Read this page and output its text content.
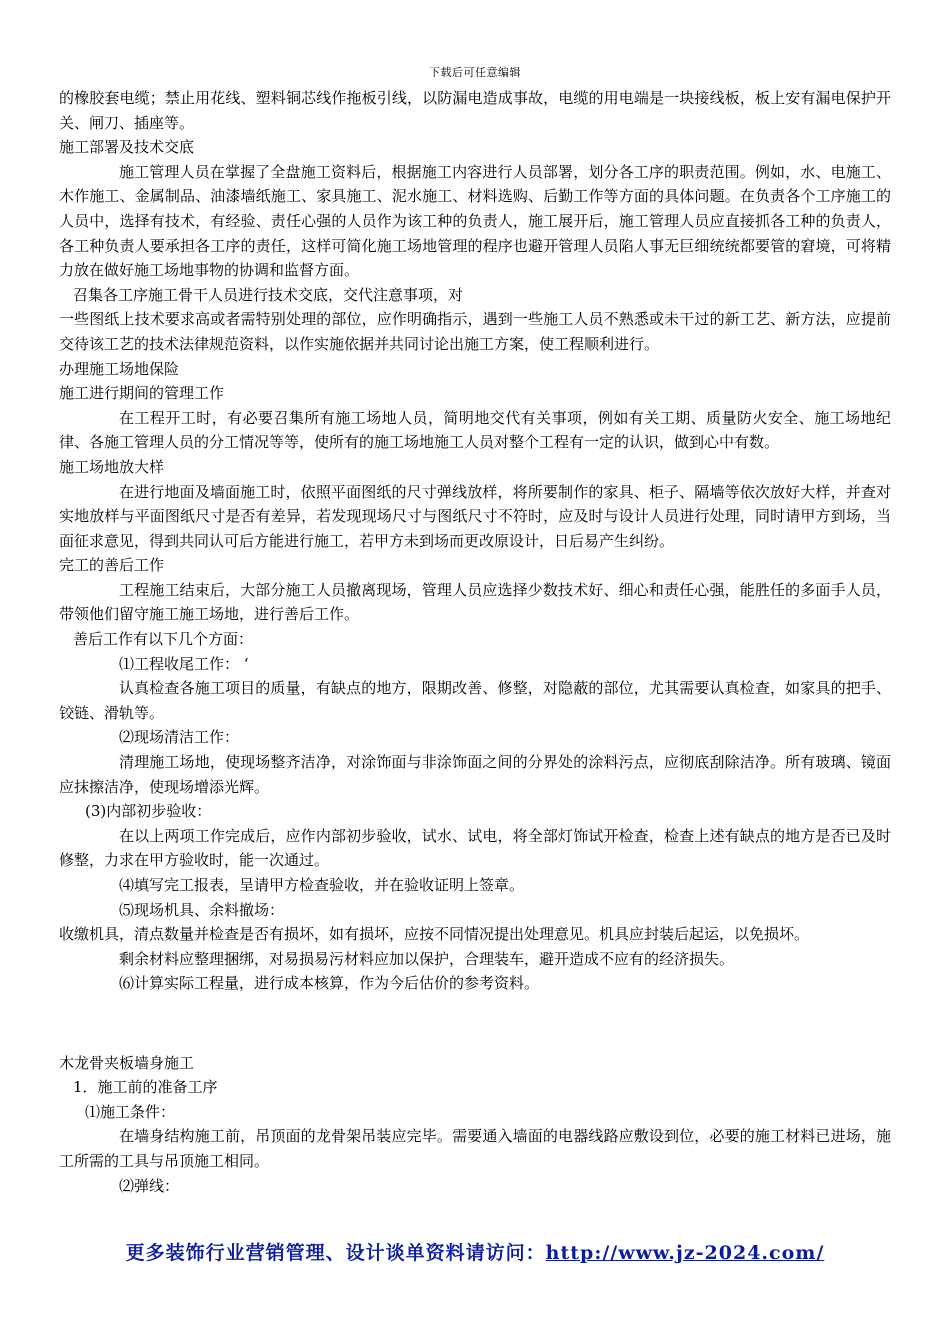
下载后可任意编辑

的橡胶套电缆；禁止用花线、塑料铜芯线作拖板引线，以防漏电造成事故，电缆的用电端是一块接线板，板上安有漏电保护开关、闸刀、插座等。

施工部署及技术交底

施工管理人员在掌握了全盘施工资料后，根据施工内容进行人员部署，划分各工序的职责范围。例如，水、电施工、木作施工、金属制品、油漆墙纸施工、家具施工、泥水施工、材料选购、后勤工作等方面的具体问题。在负责各个工序施工的人员中，选择有技术，有经验、责任心强的人员作为该工种的负责人，施工展开后，施工管理人员应直接抓各工种的负责人，各工种负责人要承担各工序的责任，这样可简化施工场地管理的程序也避开管理人员陷人事无巨细统统都要管的窘境，可将精力放在做好施工场地事物的协调和监督方面。

召集各工序施工骨干人员进行技术交底，交代注意事项，对

一些图纸上技术要求高或者需特别处理的部位，应作明确指示，遇到一些施工人员不熟悉或未干过的新工艺、新方法，应提前交待该工艺的技术法律规范资料，以作实施依据并共同讨论出施工方案，使工程顺利进行。

办理施工场地保险

施工进行期间的管理工作

在工程开工时，有必要召集所有施工场地人员，简明地交代有关事项，例如有关工期、质量防火安全、施工场地纪律、各施工管理人员的分工情况等等，使所有的施工场地施工人员对整个工程有一定的认识，做到心中有数。

施工场地放大样

在进行地面及墙面施工时，依照平面图纸的尺寸弹线放样，将所要制作的家具、柜子、隔墙等依次放好大样，并查对实地放样与平面图纸尺寸是否有差异，若发现现场尺寸与图纸尺寸不符时，应及时与设计人员进行处理，同时请甲方到场，当面征求意见，得到共同认可后方能进行施工，若甲方未到场而更改原设计，日后易产生纠纷。

完工的善后工作

工程施工结束后，大部分施工人员撤离现场，管理人员应选择少数技术好、细心和责任心强，能胜任的多面手人员，带领他们留守施工施工场地，进行善后工作。

善后工作有以下几个方面：

⑴工程收尾工作： ‘

认真检查各施工项目的质量，有缺点的地方，限期改善、修整，对隐蔽的部位，尤其需要认真检查，如家具的把手、铰链、滑轨等。

⑵现场清洁工作：

清理施工场地，使现场整齐洁净，对涂饰面与非涂饰面之间的分界处的涂料污点，应彻底刮除洁净。所有玻璃、镜面应抹擦洁净，使现场增添光辉。

(3)内部初步验收：

在以上两项工作完成后，应作内部初步验收，试水、试电，将全部灯饰试开检查，检查上述有缺点的地方是否已及时修整，力求在甲方验收时，能一次通过。

⑷填写完工报表，呈请甲方检查验收，并在验收证明上签章。

⑸现场机具、余料撤场：

收缴机具，清点数量并检查是否有损坏，如有损坏，应按不同情况提出处理意见。机具应封装后起运，以免损坏。

剩余材料应整理捆绑，对易损易污材料应加以保护，合理装车，避开造成不应有的经济损失。

⑹计算实际工程量，进行成本核算，作为今后估价的参考资料。

木龙骨夹板墙身施工

1．施工前的准备工序

⑴施工条件：

在墙身结构施工前，吊顶面的龙骨架吊装应完毕。需要通入墙面的电器线路应敷设到位，必要的施工材料已进场，施工所需的工具与吊顶施工相同。

⑵弹线：

更多装饰行业营销管理、设计谈单资料请访问：http://www.jz-2024.com/
